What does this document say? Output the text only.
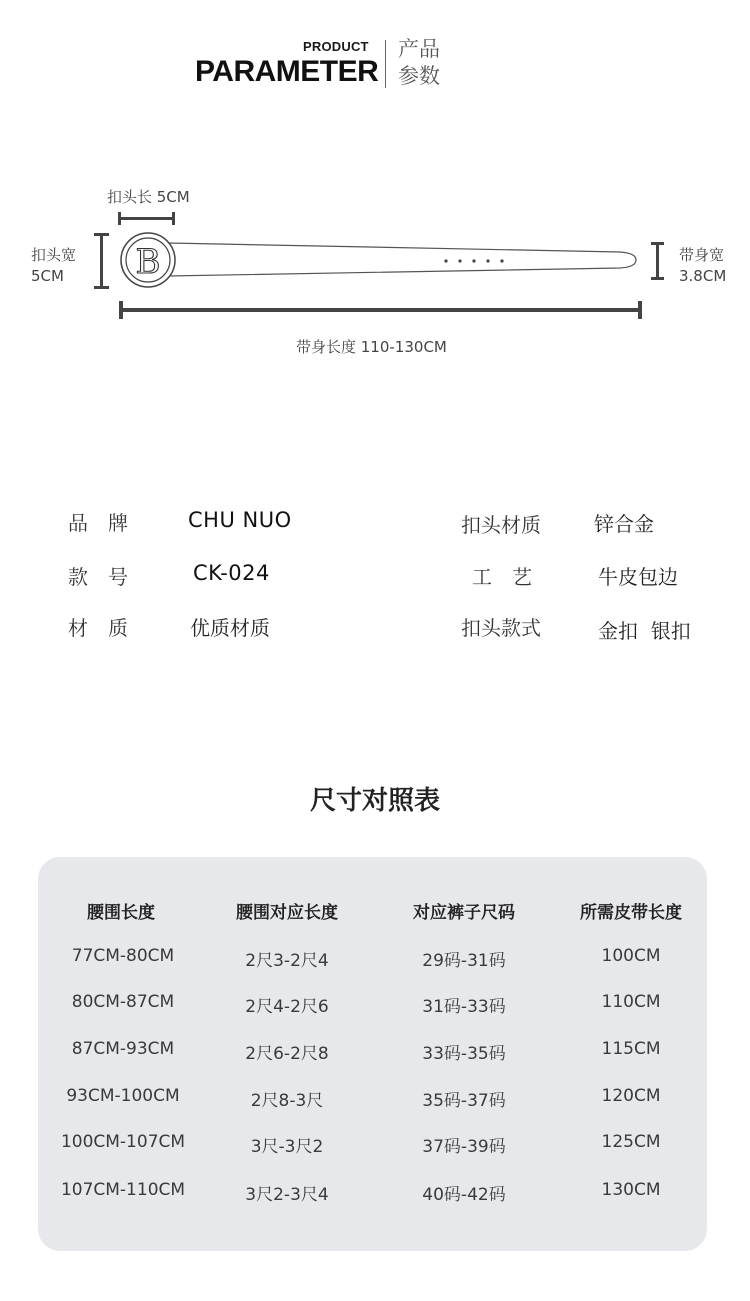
PRODUCT
PARAMETER
产品
参数
扣头长 5CM
扣头宽
5CM B	带身宽
3.8CM
带身长度 110-130CM
品　牌	CHU NUO
款　号	CK-024
材　质	优质材质
扣头材质	锌合金
工　艺	牛皮包边
扣头款式	金扣  银扣
尺寸对照表
腰围长度	腰围对应长度	对应裤子尺码	所需皮带长度
77CM-80CM	2尺3-2尺4	29码-31码	100CM
80CM-87CM	2尺4-2尺6	31码-33码	110CM
87CM-93CM	2尺6-2尺8	33码-35码	115CM
93CM-100CM	2尺8-3尺	35码-37码	120CM
100CM-107CM	3尺-3尺2	37码-39码	125CM
107CM-110CM	3尺2-3尺4	40码-42码	130CM
